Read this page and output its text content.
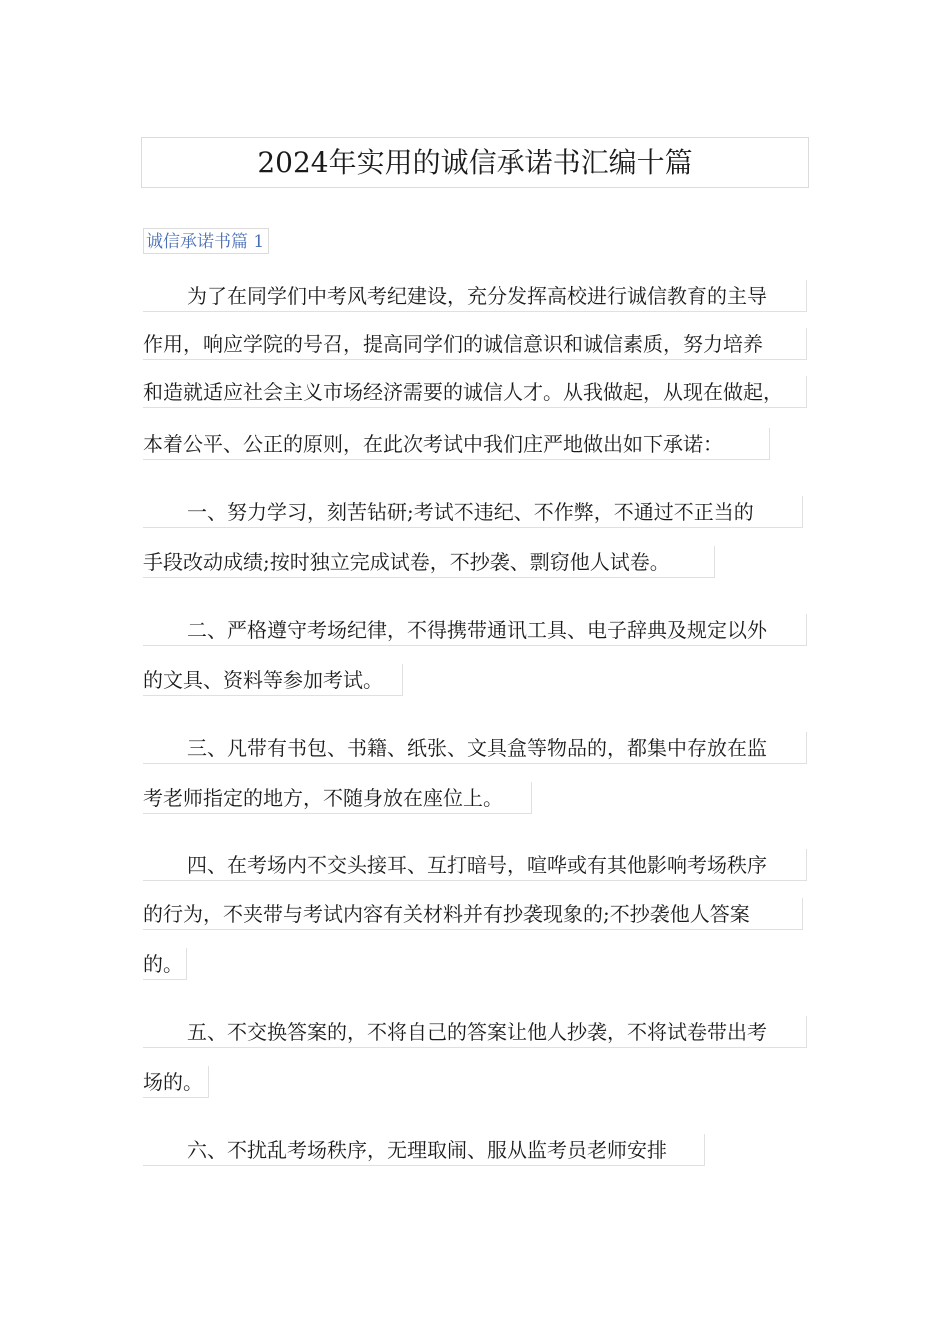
2024年实用的诚信承诺书汇编十篇
诚信承诺书篇 1
为了在同学们中考风考纪建设，充分发挥高校进行诚信教育的主导
作用，响应学院的号召，提高同学们的诚信意识和诚信素质，努力培养
和造就适应社会主义市场经济需要的诚信人才。从我做起，从现在做起，
本着公平、公正的原则，在此次考试中我们庄严地做出如下承诺：
一、努力学习，刻苦钻研;考试不违纪、不作弊，不通过不正当的
手段改动成绩;按时独立完成试卷，不抄袭、剽窃他人试卷。
二、严格遵守考场纪律，不得携带通讯工具、电子辞典及规定以外
的文具、资料等参加考试。
三、凡带有书包、书籍、纸张、文具盒等物品的，都集中存放在监
考老师指定的地方，不随身放在座位上。
四、在考场内不交头接耳、互打暗号，喧哗或有其他影响考场秩序
的行为，不夹带与考试内容有关材料并有抄袭现象的;不抄袭他人答案
的。
五、不交换答案的，不将自己的答案让他人抄袭，不将试卷带出考
场的。
六、不扰乱考场秩序，无理取闹、服从监考员老师安排
